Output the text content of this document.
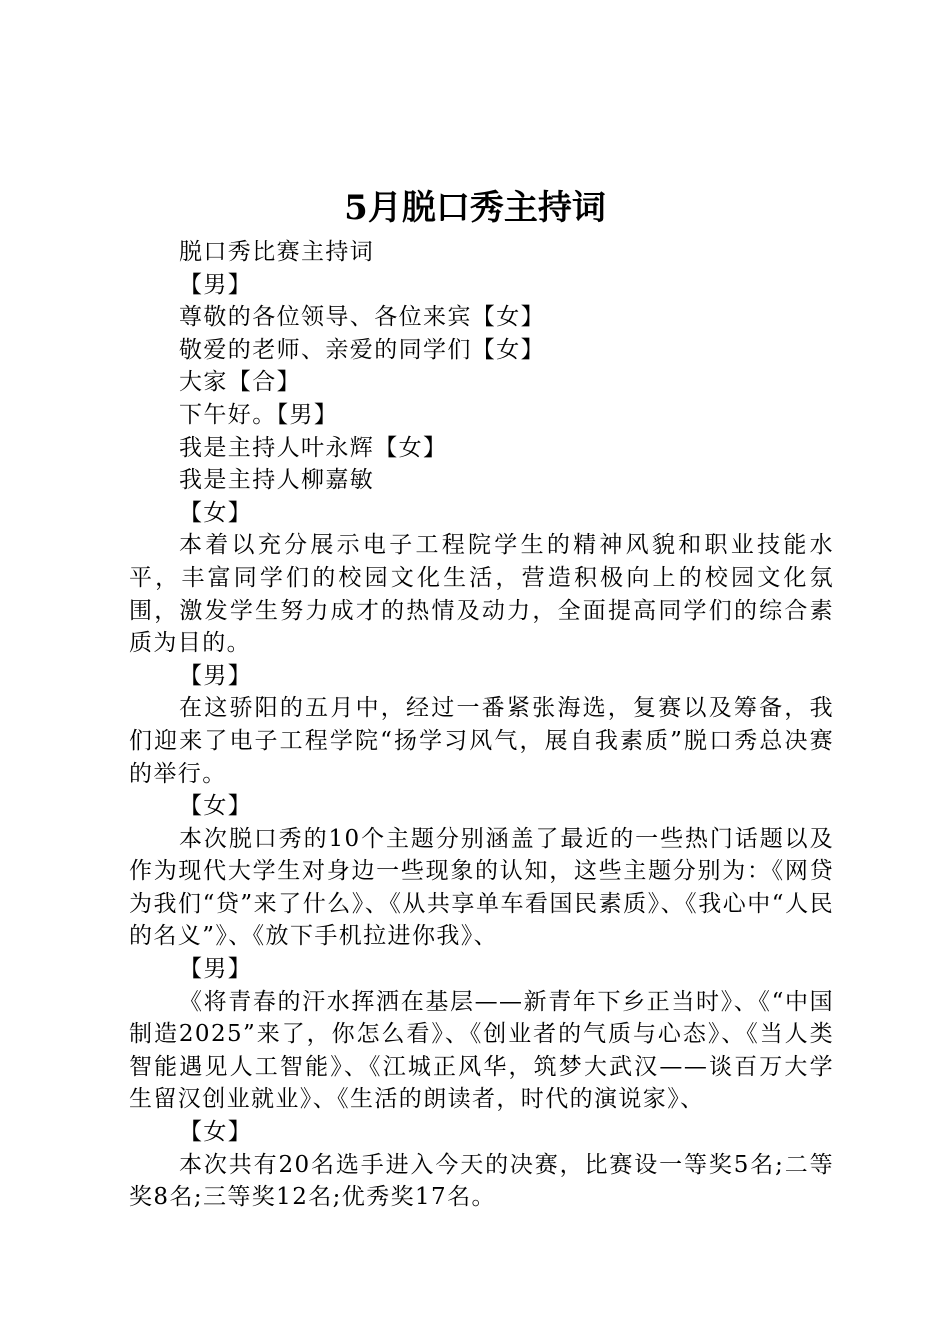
5月脱口秀主持词

脱口秀比赛主持词

【男】

尊敬的各位领导、各位来宾【女】

敬爱的老师、亲爱的同学们【女】

大家【合】

下午好。【男】

我是主持人叶永辉【女】

我是主持人柳嘉敏

【女】

本着以充分展示电子工程院学生的精神风貌和职业技能水平，丰富同学们的校园文化生活，营造积极向上的校园文化氛围，激发学生努力成才的热情及动力，全面提高同学们的综合素质为目的。

【男】

在这骄阳的五月中，经过一番紧张海选，复赛以及筹备，我们迎来了电子工程学院“扬学习风气，展自我素质”脱口秀总决赛的举行。

【女】

本次脱口秀的10个主题分别涵盖了最近的一些热门话题以及作为现代大学生对身边一些现象的认知，这些主题分别为：《网贷为我们“贷”来了什么》、《从共享单车看国民素质》、《我心中“人民的名义”》、《放下手机拉进你我》、

【男】

《将青春的汗水挥洒在基层——新青年下乡正当时》、《“中国制造2025”来了，你怎么看》、《创业者的气质与心态》、《当人类智能遇见人工智能》、《江城正风华，筑梦大武汉——谈百万大学生留汉创业就业》、《生活的朗读者，时代的演说家》、

【女】

本次共有20名选手进入今天的决赛，比赛设一等奖5名;二等奖8名;三等奖12名;优秀奖17名。
